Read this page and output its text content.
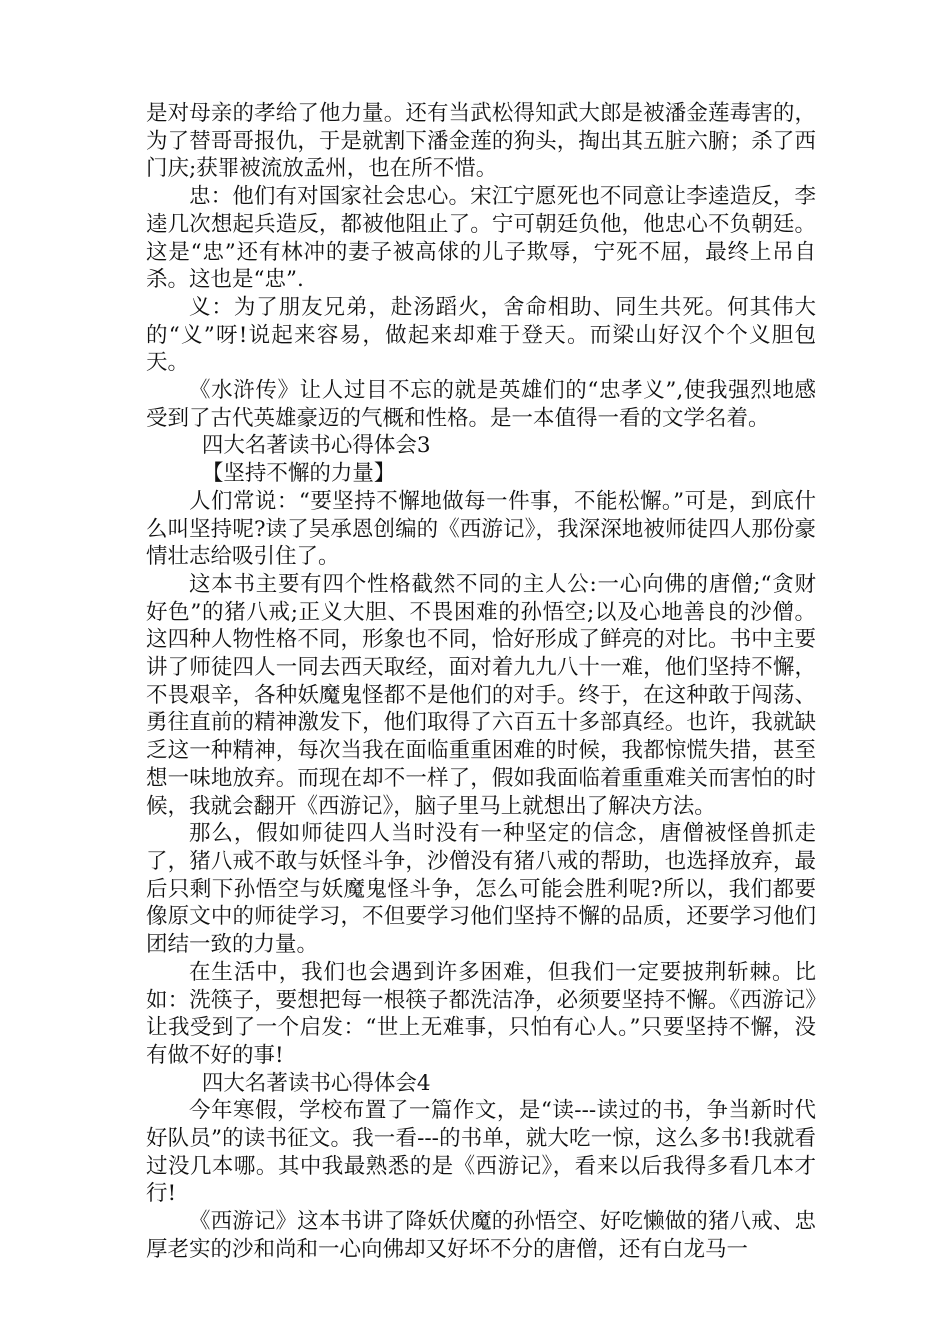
是对母亲的孝给了他力量。还有当武松得知武大郎是被潘金莲毒害的，为了替哥哥报仇，于是就割下潘金莲的狗头，掏出其五脏六腑；杀了西门庆;获罪被流放孟州，也在所不惜。

忠：他们有对国家社会忠心。宋江宁愿死也不同意让李逵造反，李逵几次想起兵造反，都被他阻止了。宁可朝廷负他，他忠心不负朝廷。这是“忠”还有林冲的妻子被高俅的儿子欺辱，宁死不屈，最终上吊自杀。这也是“忠”.

义：为了朋友兄弟，赴汤蹈火，舍命相助、同生共死。何其伟大的“义”呀!说起来容易，做起来却难于登天。而梁山好汉个个义胆包天。

《水浒传》让人过目不忘的就是英雄们的“忠孝义”,使我强烈地感受到了古代英雄豪迈的气概和性格。是一本值得一看的文学名着。

四大名著读书心得体会3

【坚持不懈的力量】

人们常说：“要坚持不懈地做每一件事，不能松懈。”可是，到底什么叫坚持呢?读了吴承恩创编的《西游记》，我深深地被师徒四人那份豪情壮志给吸引住了。

这本书主要有四个性格截然不同的主人公:一心向佛的唐僧;“贪财好色”的猪八戒;正义大胆、不畏困难的孙悟空;以及心地善良的沙僧。这四种人物性格不同，形象也不同，恰好形成了鲜亮的对比。书中主要讲了师徒四人一同去西天取经，面对着九九八十一难，他们坚持不懈，不畏艰辛，各种妖魔鬼怪都不是他们的对手。终于，在这种敢于闯荡、勇往直前的精神激发下，他们取得了六百五十多部真经。也许，我就缺乏这一种精神，每次当我在面临重重困难的时候，我都惊慌失措，甚至想一味地放弃。而现在却不一样了，假如我面临着重重难关而害怕的时候，我就会翻开《西游记》，脑子里马上就想出了解决方法。

那么，假如师徒四人当时没有一种坚定的信念，唐僧被怪兽抓走了，猪八戒不敢与妖怪斗争，沙僧没有猪八戒的帮助，也选择放弃，最后只剩下孙悟空与妖魔鬼怪斗争，怎么可能会胜利呢?所以，我们都要像原文中的师徒学习，不但要学习他们坚持不懈的品质，还要学习他们团结一致的力量。

在生活中，我们也会遇到许多困难，但我们一定要披荆斩棘。比如：洗筷子，要想把每一根筷子都洗洁净，必须要坚持不懈。《西游记》让我受到了一个启发：“世上无难事，只怕有心人。”只要坚持不懈，没有做不好的事!

四大名著读书心得体会4

今年寒假，学校布置了一篇作文，是“读---读过的书，争当新时代好队员”的读书征文。我一看---的书单，就大吃一惊，这么多书!我就看过没几本哪。其中我最熟悉的是《西游记》，看来以后我得多看几本才行!

《西游记》这本书讲了降妖伏魔的孙悟空、好吃懒做的猪八戒、忠厚老实的沙和尚和一心向佛却又好坏不分的唐僧，还有白龙马一
